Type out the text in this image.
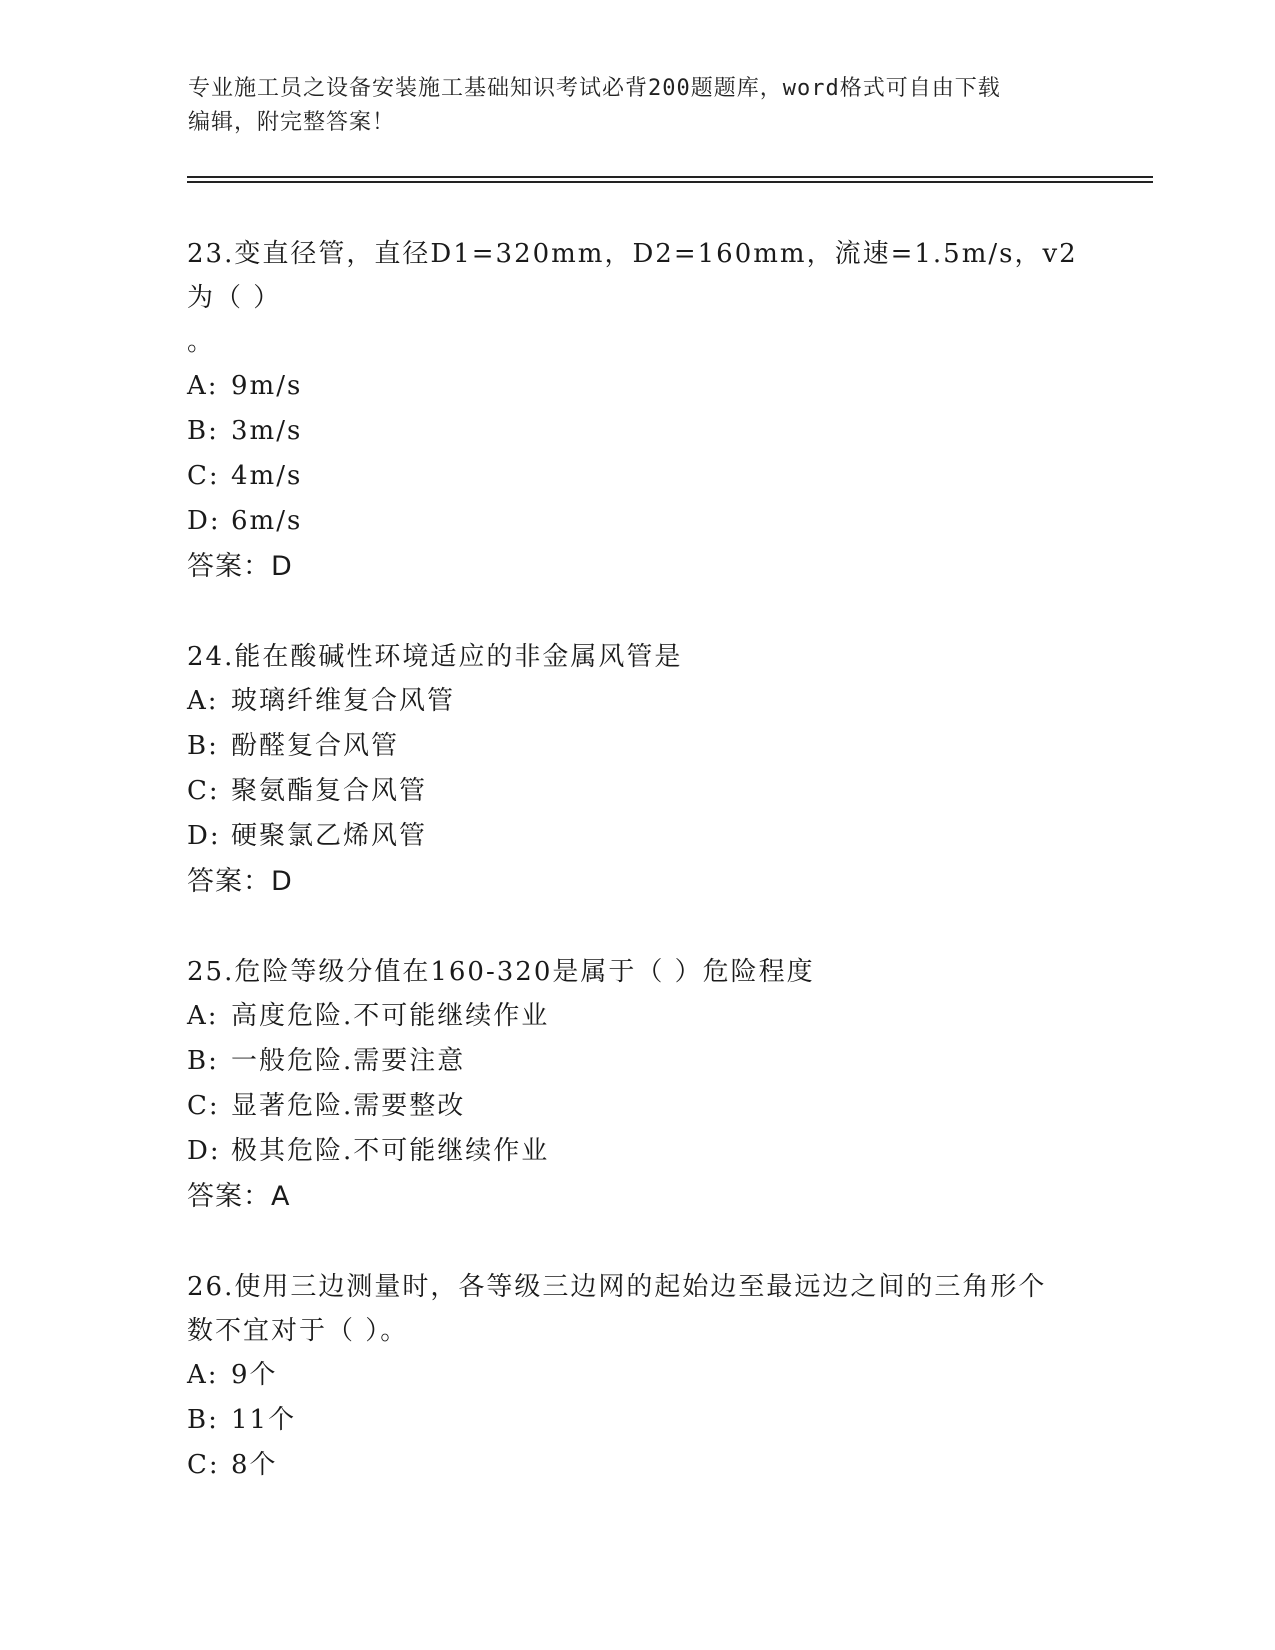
专业施工员之设备安装施工基础知识考试必背200题题库，word格式可自由下载
编辑，附完整答案！
23.变直径管，直径D1=320mm，D2=160mm，流速=1.5m/s，v2为（ ）
。
A: 9m/s
B: 3m/s
C: 4m/s
D: 6m/s
答案：D
24.能在酸碱性环境适应的非金属风管是
A: 玻璃纤维复合风管
B: 酚醛复合风管
C: 聚氨酯复合风管
D: 硬聚氯乙烯风管
答案：D
25.危险等级分值在160-320是属于（ ）危险程度
A: 高度危险.不可能继续作业
B: 一般危险.需要注意
C: 显著危险.需要整改
D: 极其危险.不可能继续作业
答案：A
26.使用三边测量时，各等级三边网的起始边至最远边之间的三角形个
数不宜对于（ ）。
A: 9个
B: 11个
C: 8个
